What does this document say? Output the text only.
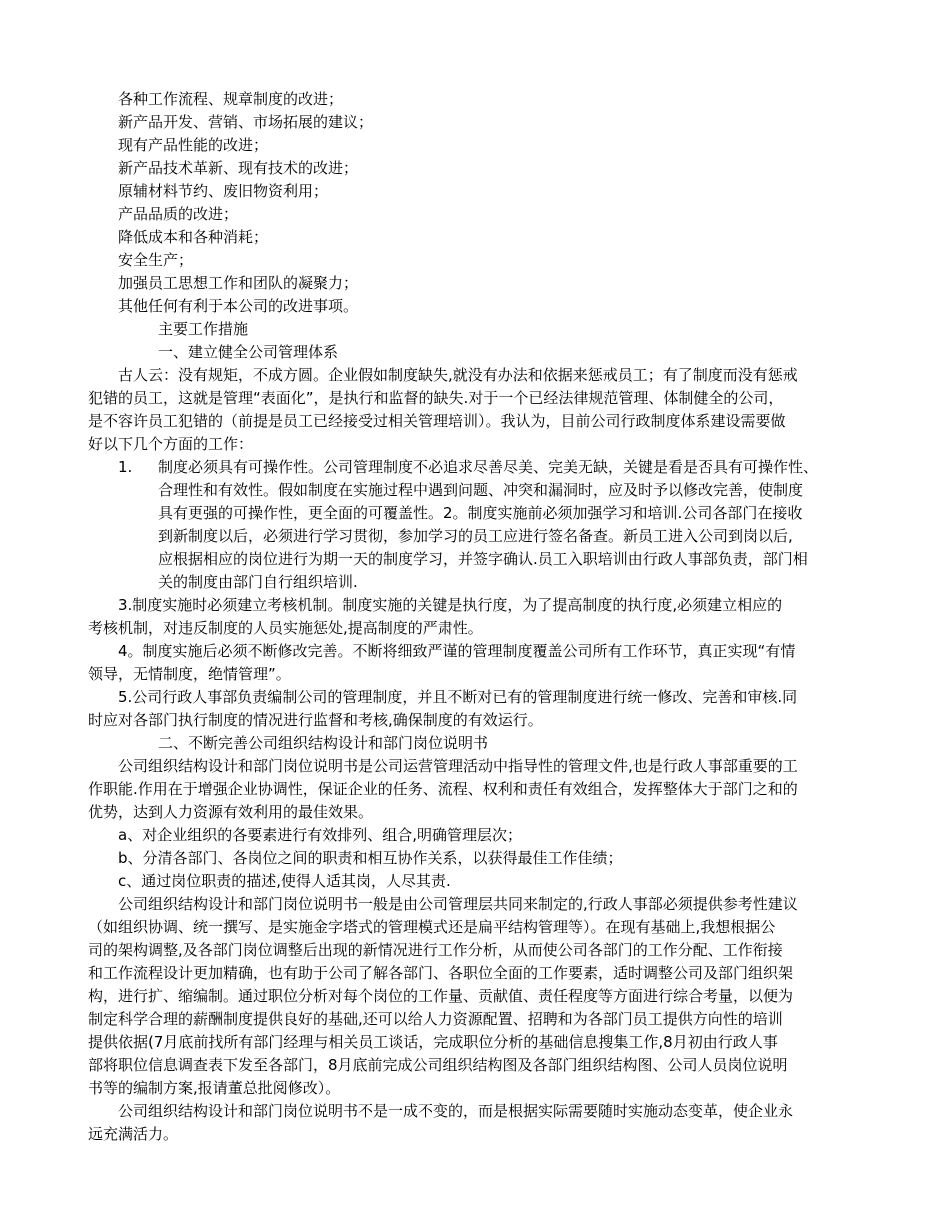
各种工作流程、规章制度的改进；
新产品开发、营销、市场拓展的建议；
现有产品性能的改进；
新产品技术革新、现有技术的改进；
原辅材料节约、废旧物资利用；
产品品质的改进；
降低成本和各种消耗；
安全生产；
加强员工思想工作和团队的凝聚力；
其他任何有利于本公司的改进事项。
主要工作措施
一、建立健全公司管理体系
古人云：没有规矩，不成方圆。企业假如制度缺失,就没有办法和依据来惩戒员工；有了制度而没有惩戒
犯错的员工，这就是管理“表面化”，是执行和监督的缺失.对于一个已经法律规范管理、体制健全的公司，
是不容许员工犯错的（前提是员工已经接受过相关管理培训）。我认为，目前公司行政制度体系建设需要做
好以下几个方面的工作：
1. 制度必须具有可操作性。公司管理制度不必追求尽善尽美、完美无缺，关键是看是否具有可操作性、
合理性和有效性。假如制度在实施过程中遇到问题、冲突和漏洞时，应及时予以修改完善，使制度
具有更强的可操作性，更全面的可覆盖性。2。制度实施前必须加强学习和培训.公司各部门在接收
到新制度以后，必须进行学习贯彻，参加学习的员工应进行签名备查。新员工进入公司到岗以后,
应根据相应的岗位进行为期一天的制度学习，并签字确认.员工入职培训由行政人事部负责，部门相
关的制度由部门自行组织培训.
3.制度实施时必须建立考核机制。制度实施的关键是执行度，为了提高制度的执行度,必须建立相应的
考核机制，对违反制度的人员实施惩处,提高制度的严肃性。
4。制度实施后必须不断修改完善。不断将细致严谨的管理制度覆盖公司所有工作环节，真正实现“有情
领导，无情制度，绝情管理”。
5.公司行政人事部负责编制公司的管理制度，并且不断对已有的管理制度进行统一修改、完善和审核.同
时应对各部门执行制度的情况进行监督和考核,确保制度的有效运行。
二、不断完善公司组织结构设计和部门岗位说明书
公司组织结构设计和部门岗位说明书是公司运营管理活动中指导性的管理文件,也是行政人事部重要的工
作职能.作用在于增强企业协调性，保证企业的任务、流程、权利和责任有效组合，发挥整体大于部门之和的
优势，达到人力资源有效利用的最佳效果。
a、对企业组织的各要素进行有效排列、组合,明确管理层次；
b、分清各部门、各岗位之间的职责和相互协作关系，以获得最佳工作佳绩；
c、通过岗位职责的描述,使得人适其岗，人尽其责.
公司组织结构设计和部门岗位说明书一般是由公司管理层共同来制定的,行政人事部必须提供参考性建议
（如组织协调、统一撰写、是实施金字塔式的管理模式还是扁平结构管理等）。在现有基础上,我想根据公
司的架构调整,及各部门岗位调整后出现的新情况进行工作分析，从而使公司各部门的工作分配、工作衔接
和工作流程设计更加精确，也有助于公司了解各部门、各职位全面的工作要素，适时调整公司及部门组织架
构，进行扩、缩编制。通过职位分析对每个岗位的工作量、贡献值、责任程度等方面进行综合考量，以便为
制定科学合理的薪酬制度提供良好的基础,还可以给人力资源配置、招聘和为各部门员工提供方向性的培训
提供依据(7月底前找所有部门经理与相关员工谈话，完成职位分析的基础信息搜集工作,8月初由行政人事
部将职位信息调查表下发至各部门，8月底前完成公司组织结构图及各部门组织结构图、公司人员岗位说明
书等的编制方案,报请董总批阅修改）。
公司组织结构设计和部门岗位说明书不是一成不变的，而是根据实际需要随时实施动态变革，使企业永
远充满活力。
